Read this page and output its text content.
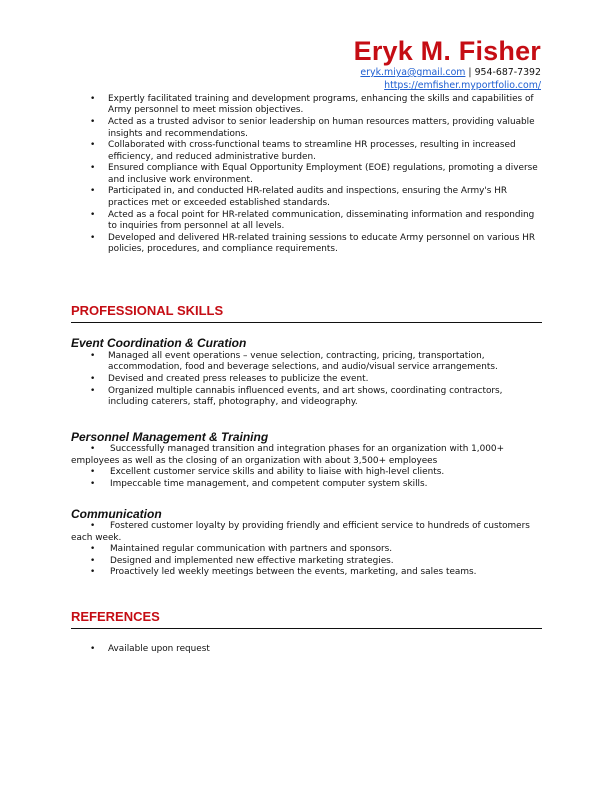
Eryk M. Fisher
eryk.miya@gmail.com | 954-687-7392
https://emfisher.myportfolio.com/
• Expertly facilitated training and development programs, enhancing the skills and capabilities of Army personnel to meet mission objectives.
• Acted as a trusted advisor to senior leadership on human resources matters, providing valuable insights and recommendations.
• Collaborated with cross-functional teams to streamline HR processes, resulting in increased efficiency, and reduced administrative burden.
• Ensured compliance with Equal Opportunity Employment (EOE) regulations, promoting a diverse and inclusive work environment.
• Participated in, and conducted HR-related audits and inspections, ensuring the Army's HR practices met or exceeded established standards.
• Acted as a focal point for HR-related communication, disseminating information and responding to inquiries from personnel at all levels.
• Developed and delivered HR-related training sessions to educate Army personnel on various HR policies, procedures, and compliance requirements.
PROFESSIONAL SKILLS
Event Coordination & Curation
• Managed all event operations – venue selection, contracting, pricing, transportation, accommodation, food and beverage selections, and audio/visual service arrangements.
• Devised and created press releases to publicize the event.
• Organized multiple cannabis influenced events, and art shows, coordinating contractors, including caterers, staff, photography, and videography.
Personnel Management & Training
• Successfully managed transition and integration phases for an organization with 1,000+ employees as well as the closing of an organization with about 3,500+ employees
• Excellent customer service skills and ability to liaise with high-level clients.
• Impeccable time management, and competent computer system skills.
Communication
• Fostered customer loyalty by providing friendly and efficient service to hundreds of customers each week.
• Maintained regular communication with partners and sponsors.
• Designed and implemented new effective marketing strategies.
• Proactively led weekly meetings between the events, marketing, and sales teams.
REFERENCES
• Available upon request
